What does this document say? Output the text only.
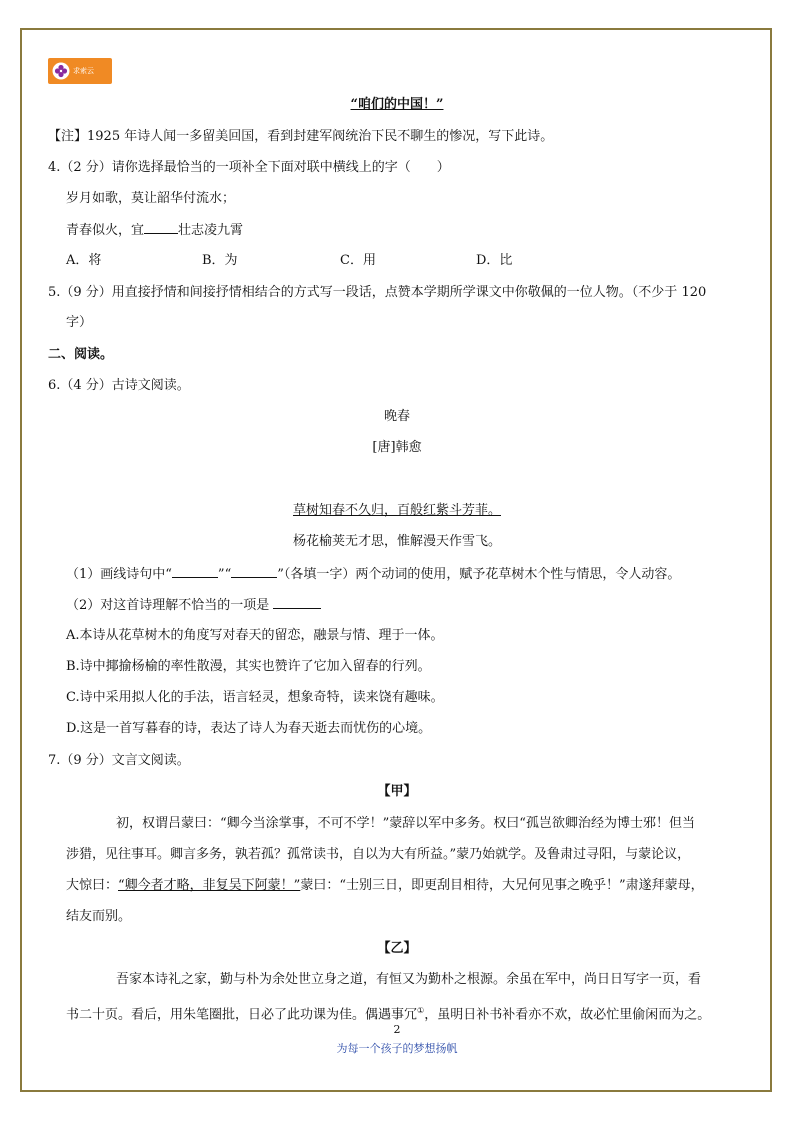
求索云
“咱们的中国！”
【注】1925 年诗人闻一多留美回国，看到封建军阀统治下民不聊生的惨况，写下此诗。
4.（2 分）请你选择最恰当的一项补全下面对联中横线上的字（　　）
岁月如歌，莫让韶华付流水；
青春似火，宜	壮志凌九霄
A．将	B．为	C．用	D．比
5.（9 分）用直接抒情和间接抒情相结合的方式写一段话，点赞本学期所学课文中你敬佩的一位人物。（不少于 120
字）
二、阅读。
6.（4 分）古诗文阅读。
晚春
[唐]韩愈
草树知春不久归，百般红紫斗芳菲。
杨花榆荚无才思，惟解漫天作雪飞。
（1）画线诗句中“	”“	”（各填一字）两个动词的使用，赋予花草树木个性与情思，令人动容。
（2）对这首诗理解不恰当的一项是
A.本诗从花草树木的角度写对春天的留恋，融景与情、理于一体。
B.诗中揶揄杨榆的率性散漫，其实也赞许了它加入留春的行列。
C.诗中采用拟人化的手法，语言轻灵，想象奇特，读来饶有趣味。
D.这是一首写暮春的诗，表达了诗人为春天逝去而忧伤的心境。
7.（9 分）文言文阅读。
【甲】
初，权谓吕蒙曰：“卿今当涂掌事，不可不学！”蒙辞以军中多务。权曰“孤岂欲卿治经为博士邪！但当
涉猎，见往事耳。卿言多务，孰若孤？孤常读书，自以为大有所益。”蒙乃始就学。及鲁肃过寻阳，与蒙论议，
大惊曰：“卿今者才略，非复吴下阿蒙！”蒙曰：“士别三日，即更刮目相待，大兄何见事之晚乎！”肃遂拜蒙母，
结友而别。
【乙】
吾家本诗礼之家，勤与朴为余处世立身之道，有恒又为勤朴之根源。余虽在军中，尚日日写字一页，看
书二十页。看后，用朱笔圈批，日必了此功课为佳。偶遇事冗①，虽明日补书补看亦不欢，故必忙里偷闲而为之。
2
为每一个孩子的梦想扬帆
